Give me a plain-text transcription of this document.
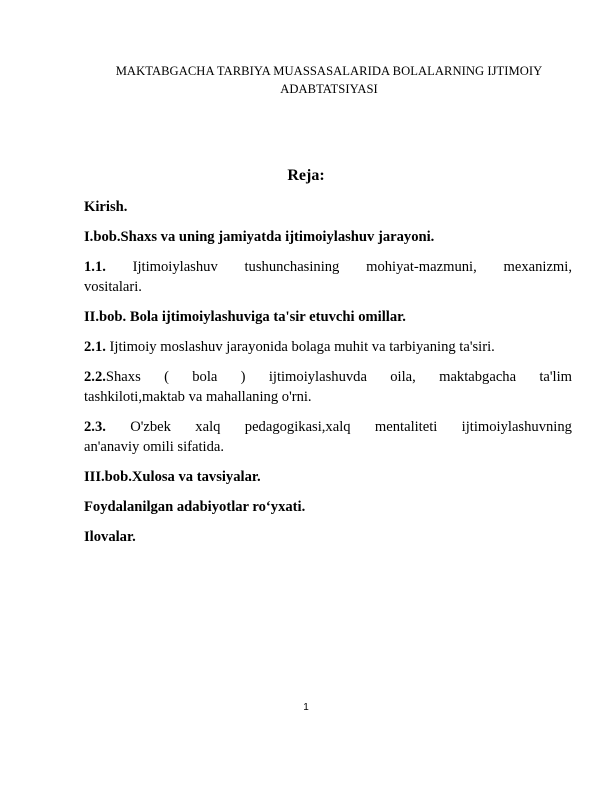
MAKTABGACHA TARBIYA MUASSASALARIDA BOLALARNING IJTIMOIY
ADABTATSIYASI
Reja:
Kirish.
I.bob.Shaxs va uning jamiyatda ijtimoiylashuv jarayoni.
1.1. Ijtimoiylashuv tushunchasining mohiyat-mazmuni, mexanizmi,
vositalari.
II.bob. Bola ijtimoiylashuviga ta'sir etuvchi omillar.
2.1. Ijtimoiy moslashuv jarayonida bolaga muhit va tarbiyaning ta'siri.
2.2.Shaxs ( bola ) ijtimoiylashuvda oila, maktabgacha ta'lim
tashkiloti,maktab va mahallaning o'rni.
2.3. O'zbek xalq pedagogikasi,xalq mentaliteti ijtimoiylashuvning
an'anaviy omili sifatida.
III.bob.Xulosa va tavsiyalar.
Foydalanilgan adabiyotlar ro‘yxati.
Ilovalar.
1
